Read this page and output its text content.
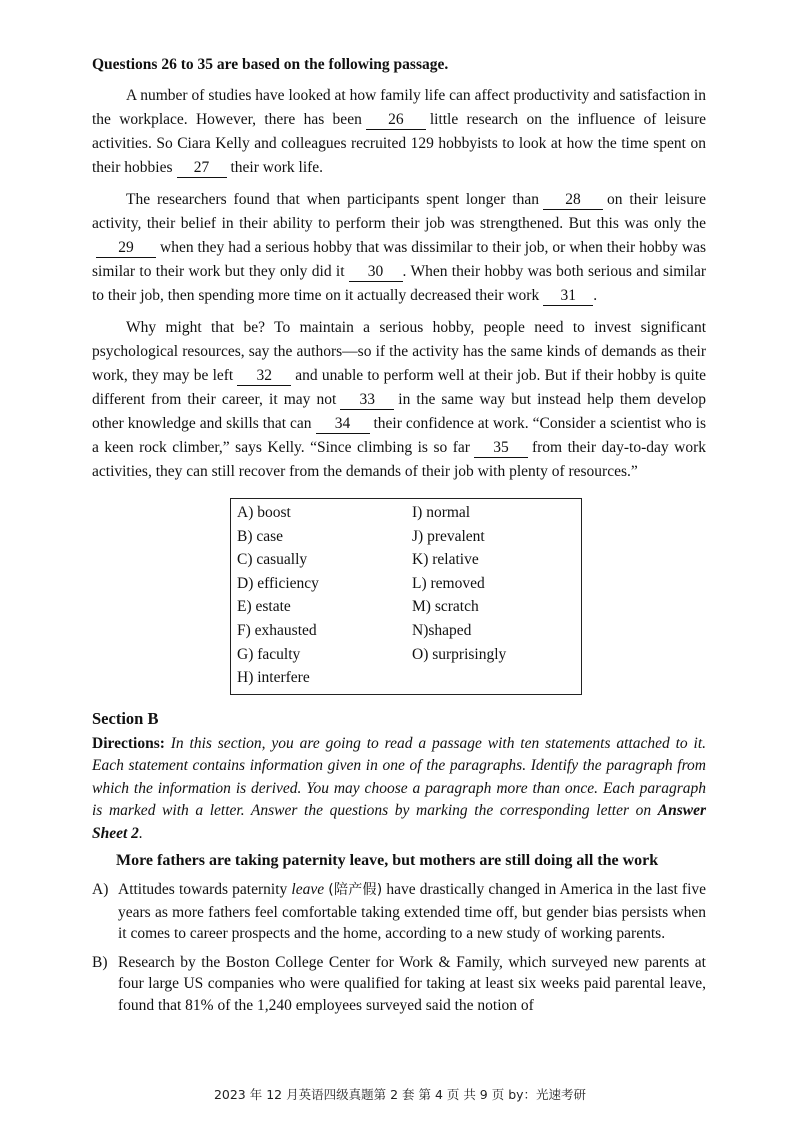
Questions 26 to 35 are based on the following passage.

A number of studies have looked at how family life can affect productivity and satisfaction in the workplace. However, there has been 26 little research on the influence of leisure activities. So Ciara Kelly and colleagues recruited 129 hobbyists to look at how the time spent on their hobbies 27 their work life.

The researchers found that when participants spent longer than 28 on their leisure activity, their belief in their ability to perform their job was strengthened. But this was only the29 when they had a serious hobby that was dissimilar to their job, or when their hobby was similar to their work but they only did it 30 . When their hobby was both serious and similar to their job, then spending more time on it actually decreased their work 31 .

Why might that be? To maintain a serious hobby, people need to invest significant psychological resources, say the authors—so if the activity has the same kinds of demands as their work, they may be left 32 and unable to perform well at their job. But if their hobby is quite different from their career, it may not 33 in the same way but instead help them develop other knowledge and skills that can 34 their confidence at work. “Consider a scientist who is a keen rock climber,” says Kelly. “Since climbing is so far 35 from their day-to-day work activities, they can still recover from the demands of their job with plenty of resources.”

A) boost
B) case
C) casually
D) efficiency
E) estate
F) exhausted
G) faculty
H) interfere
I) normal
J) prevalent
K) relative
L) removed
M) scratch
N)shaped
O) surprisingly
Section B

Directions: In this section, you are going to read a passage with ten statements attached to it. Each statement contains information given in one of the paragraphs. Identify the paragraph from which the information is derived. You may choose a paragraph more than once. Each paragraph is marked with a letter. Answer the questions by marking the corresponding letter on Answer Sheet 2.

More fathers are taking paternity leave, but mothers are still doing all the work
A) Attitudes towards paternity leave (陪产假) have drastically changed in America in the last five years as more fathers feel comfortable taking extended time off, but gender bias persists when it comes to career prospects and the home, according to a new study of working parents.
B) Research by the Boston College Center for Work & Family, which surveyed new parents at four large US companies who were qualified for taking at least six weeks paid parental leave, found that 81% of the 1,240 employees surveyed said the notion of
2023 年 12 月英语四级真题第 2 套 第 4 页 共 9 页 by：光速考研
